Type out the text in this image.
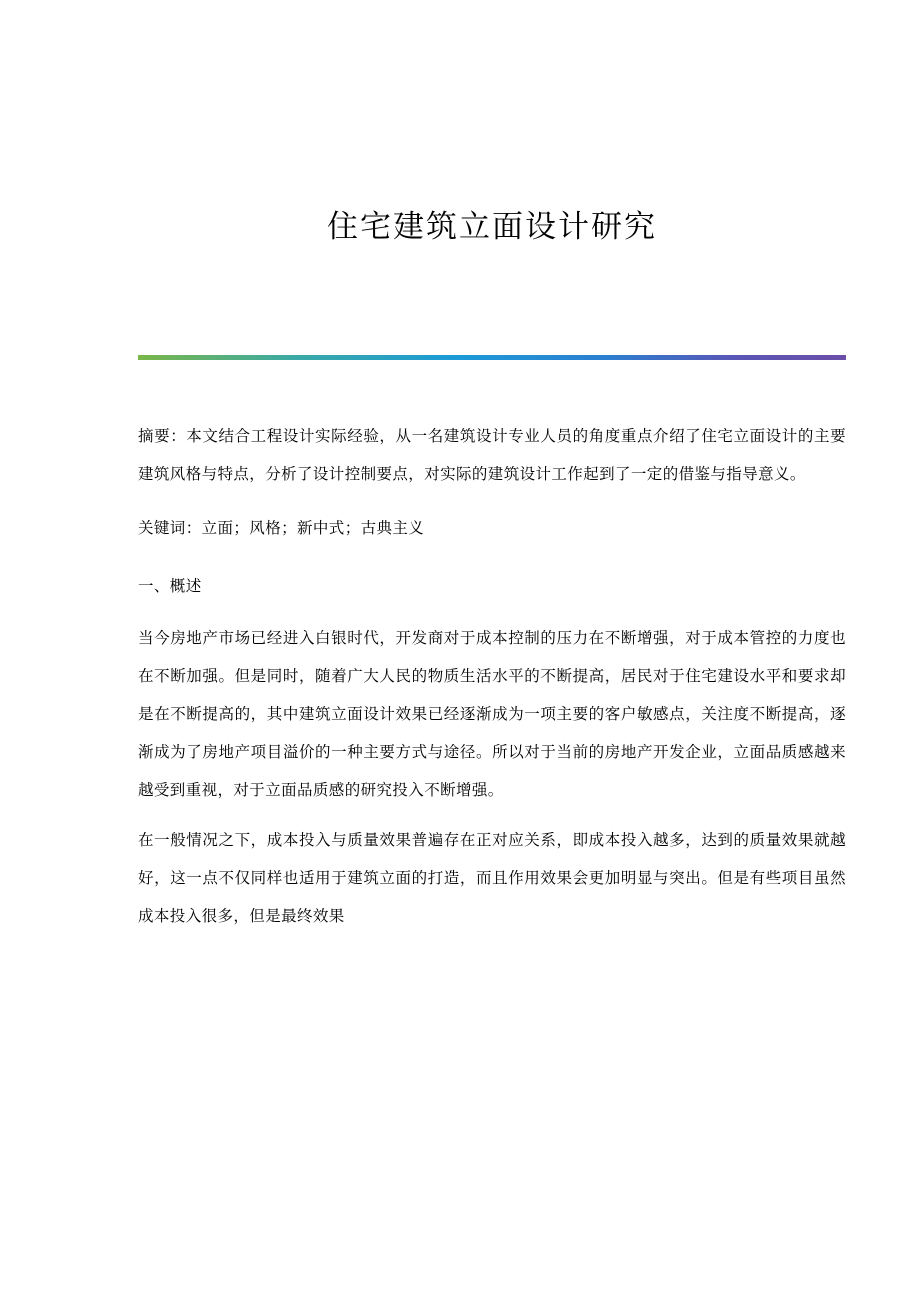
住宅建筑立面设计研究

摘要：本文结合工程设计实际经验，从一名建筑设计专业人员的角度重点介绍了住宅立面设计的主要建筑风格与特点，分析了设计控制要点，对实际的建筑设计工作起到了一定的借鉴与指导意义。

关键词：立面；风格；新中式；古典主义

一、概述

当今房地产市场已经进入白银时代，开发商对于成本控制的压力在不断增强，对于成本管控的力度也在不断加强。但是同时，随着广大人民的物质生活水平的不断提高，居民对于住宅建设水平和要求却是在不断提高的，其中建筑立面设计效果已经逐渐成为一项主要的客户敏感点，关注度不断提高，逐渐成为了房地产项目溢价的一种主要方式与途径。所以对于当前的房地产开发企业，立面品质感越来越受到重视，对于立面品质感的研究投入不断增强。

在一般情况之下，成本投入与质量效果普遍存在正对应关系，即成本投入越多，达到的质量效果就越好，这一点不仅同样也适用于建筑立面的打造，而且作用效果会更加明显与突出。但是有些项目虽然成本投入很多，但是最终效果
